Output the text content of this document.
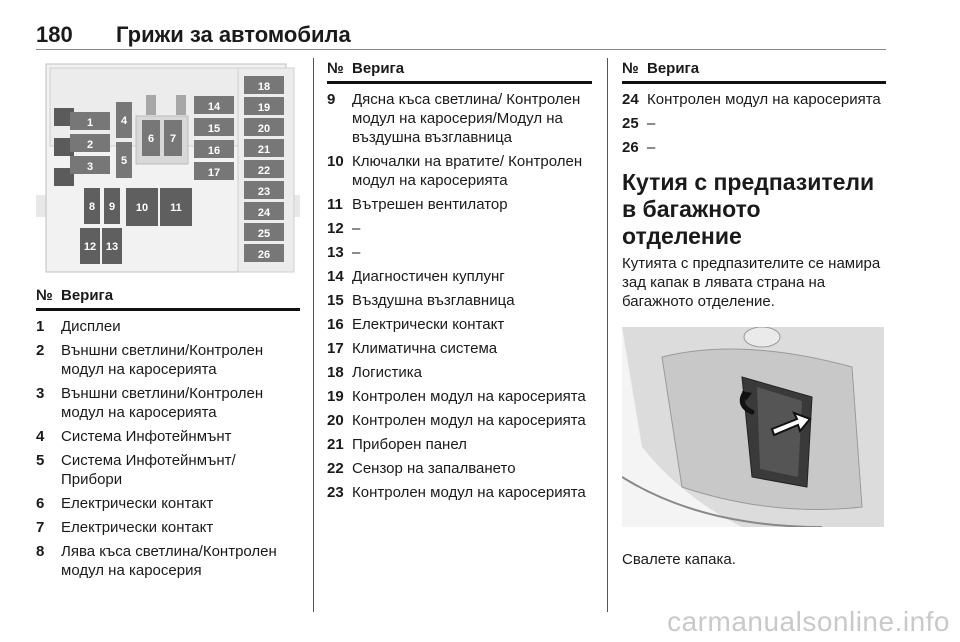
180 Грижи за автомобила
1
2
3
4
5
6 7
14
15
16
17
8 9 10 11
12 13
18
19
20
21
22
23
24
25
26
№ Верига
1	Дисплеи
2	Външни светлини/Контролен модул на каросерията
3	Външни светлини/Контролен модул на каросерията
4	Система Инфотейнмънт
5	Система Инфотейнмънт/ Прибори
6	Електрически контакт
7	Електрически контакт
8	Лява къса светлина/Контролен модул на каросерия
№ Верига
9	Дясна къса светлина/ Контролен модул на каросерия/Модул на въздушна възглавница
10 Ключалки на вратите/ Контролен модул на каросерията
11 Вътрешен вентилатор
12 –
13 –
14 Диагностичен куплунг
15 Въздушна възглавница
16 Електрически контакт
17 Климатична система
18 Логистика
19 Контролен модул на каросерията
20 Контролен модул на каросерията
21 Приборен панел
22 Сензор на запалването
23 Контролен модул на каросерията
№ Верига
24 Контролен модул на каросерията
25 –
26 –
Кутия с предпазители в багажното отделение
Кутията с предпазителите се намира зад капак в лявата страна на багажното отделение.
Свалете капака.
carmanualsonline.info
